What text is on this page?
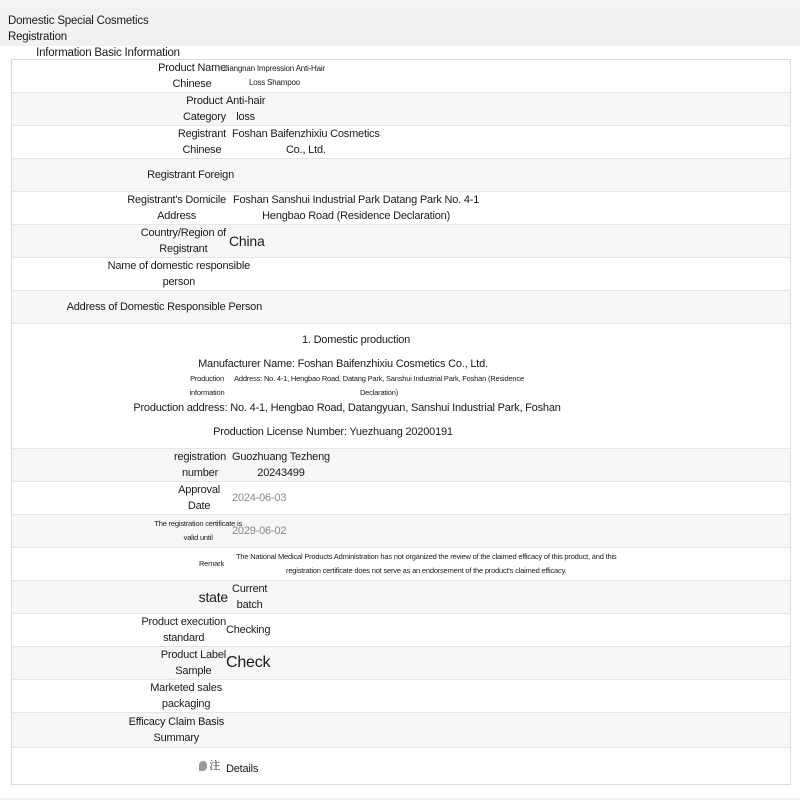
Domestic Special Cosmetics Registration
Information Basic Information
Product Name
Chinese
Jiangnan Impression Anti-Hair
Loss Shampoo
Product
Category
Anti-hair
loss
Registrant
Chinese
Foshan Baifenzhixiu Cosmetics
Co., Ltd.
Registrant Foreign
Registrant's Domicile
Address
Foshan Sanshui Industrial Park Datang Park No. 4-1
Hengbao Road (Residence Declaration)
Country/Region of
Registrant	China
Name of domestic responsible
person
Address of Domestic Responsible Person
1. Domestic production
Manufacturer Name: Foshan Baifenzhixiu Cosmetics Co., Ltd.
Production
information
Address: No. 4-1, Hengbao Road, Datang Park, Sanshui Industrial Park, Foshan (Residence
Declaration)
Production address: No. 4-1, Hengbao Road, Datangyuan, Sanshui Industrial Park, Foshan
Production License Number: Yuezhuang 20200191
registration
number
Guozhuang Tezheng
20243499
Approval
Date
2024-06-03
The registration certificate is
valid until
2029-06-02
Remark
The National Medical Products Administration has not organized the review of the claimed efficacy of this product, and this
registration certificate does not serve as an endorsement of the product's claimed efficacy.
state Current
batch
Product execution
standard
Checking
Product Label
Sample Check
Marketed sales
packaging
Efficacy Claim Basis
Summary
注 Details
